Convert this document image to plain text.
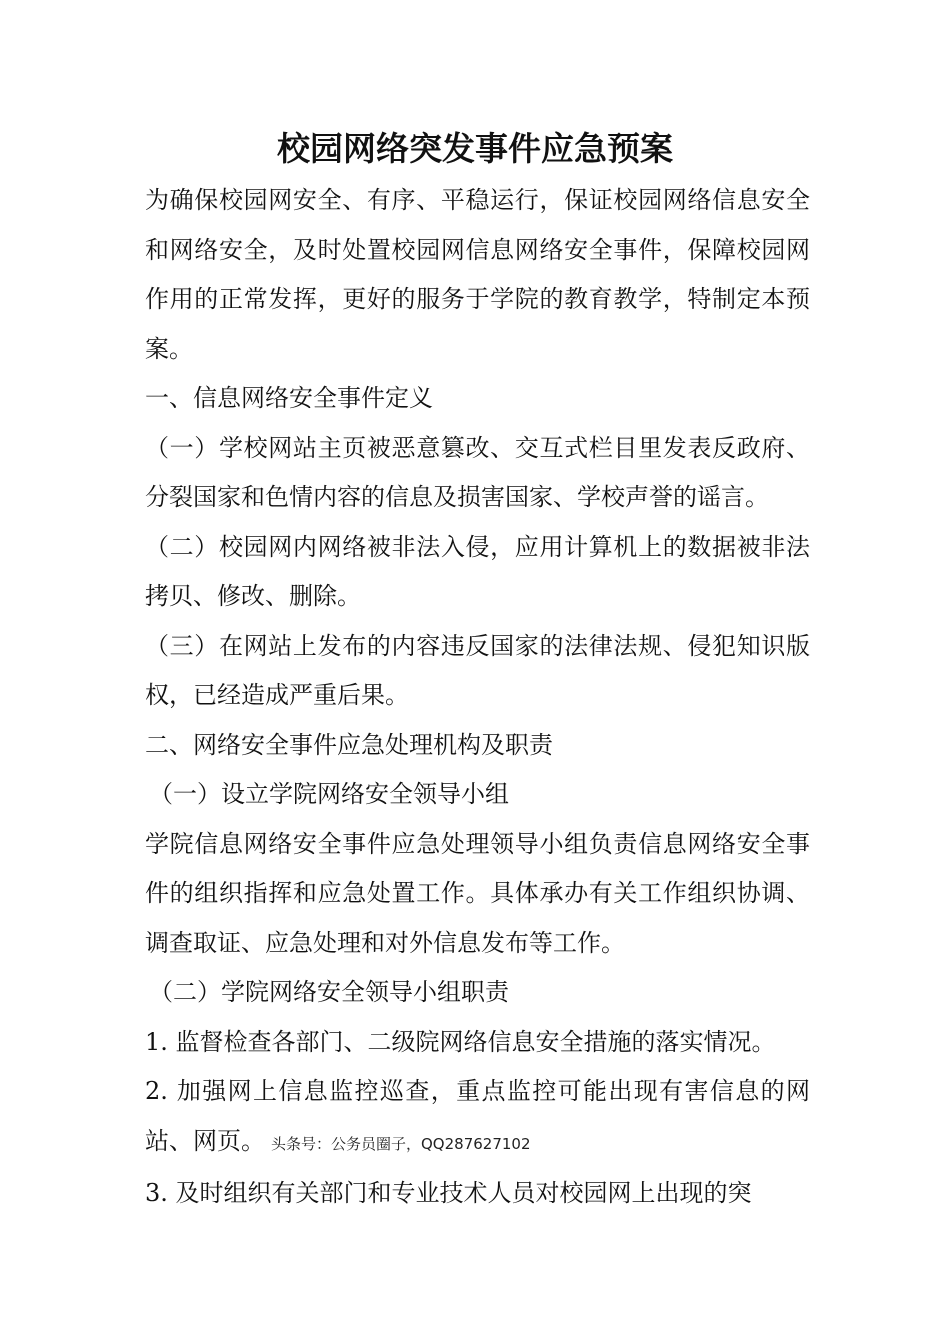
校园网络突发事件应急预案

为确保校园网安全、有序、平稳运行，保证校园网络信息安全和网络安全，及时处置校园网信息网络安全事件，保障校园网作用的正常发挥，更好的服务于学院的教育教学，特制定本预案。

一、信息网络安全事件定义

（一）学校网站主页被恶意篡改、交互式栏目里发表反政府、分裂国家和色情内容的信息及损害国家、学校声誉的谣言。

（二）校园网内网络被非法入侵，应用计算机上的数据被非法拷贝、修改、删除。

（三）在网站上发布的内容违反国家的法律法规、侵犯知识版权，已经造成严重后果。

二、网络安全事件应急处理机构及职责

（一）设立学院网络安全领导小组

学院信息网络安全事件应急处理领导小组负责信息网络安全事件的组织指挥和应急处置工作。具体承办有关工作组织协调、调查取证、应急处理和对外信息发布等工作。

（二）学院网络安全领导小组职责

1. 监督检查各部门、二级院网络信息安全措施的落实情况。

2. 加强网上信息监控巡查，重点监控可能出现有害信息的网站、网页。 头条号：公务员圈子，QQ287627102

3. 及时组织有关部门和专业技术人员对校园网上出现的突
